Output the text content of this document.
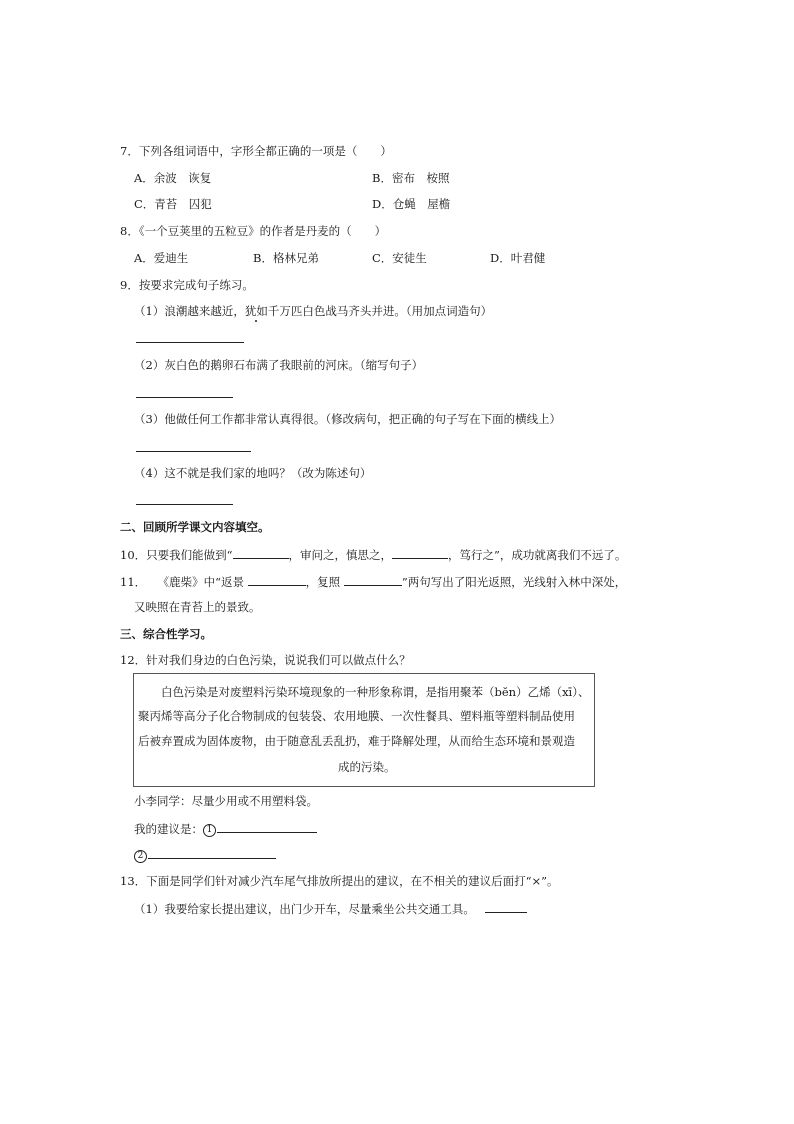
7．下列各组词语中，字形全都正确的一项是（　　）
A．余波　诙复	B．密布　桉照
C．青苔　囚犯	D．仓蝇　屋檐
8．《一个豆荚里的五粒豆》的作者是丹麦的（　　）
A．爱迪生	B．格林兄弟	C．安徒生	D．叶君健
9．按要求完成句子练习。
（1）浪潮越来越近，犹如千万匹白色战马齐头并进。（用加点词造句）
（2）灰白色的鹅卵石布满了我眼前的河床。（缩写句子）
（3）他做任何工作都非常认真得很。（修改病句，把正确的句子写在下面的横线上）
（4）这不就是我们家的地吗？（改为陈述句）
二、回顾所学课文内容填空。
10．只要我们能做到“	，审问之，慎思之，	，笃行之”，成功就离我们不远了。
11．　　《鹿柴》中“返景	，复照	”两句写出了阳光返照，光线射入林中深处，
又映照在青苔上的景致。
三、综合性学习。
12．针对我们身边的白色污染，说说我们可以做点什么？
白色污染是对废塑料污染环境现象的一种形象称谓，是指用聚苯（bĕn）乙烯（xī）、
聚丙烯等高分子化合物制成的包装袋、农用地膜、一次性餐具、塑料瓶等塑料制品使用
后被弃置成为固体废物，由于随意乱丢乱扔，难于降解处理，从而给生态环境和景观造
成的污染。
小李同学：尽量少用或不用塑料袋。
我的建议是： 1
2
13．下面是同学们针对减少汽车尾气排放所提出的建议，在不相关的建议后面打“×”。
（1）我要给家长提出建议，出门少开车，尽量乘坐公共交通工具。
